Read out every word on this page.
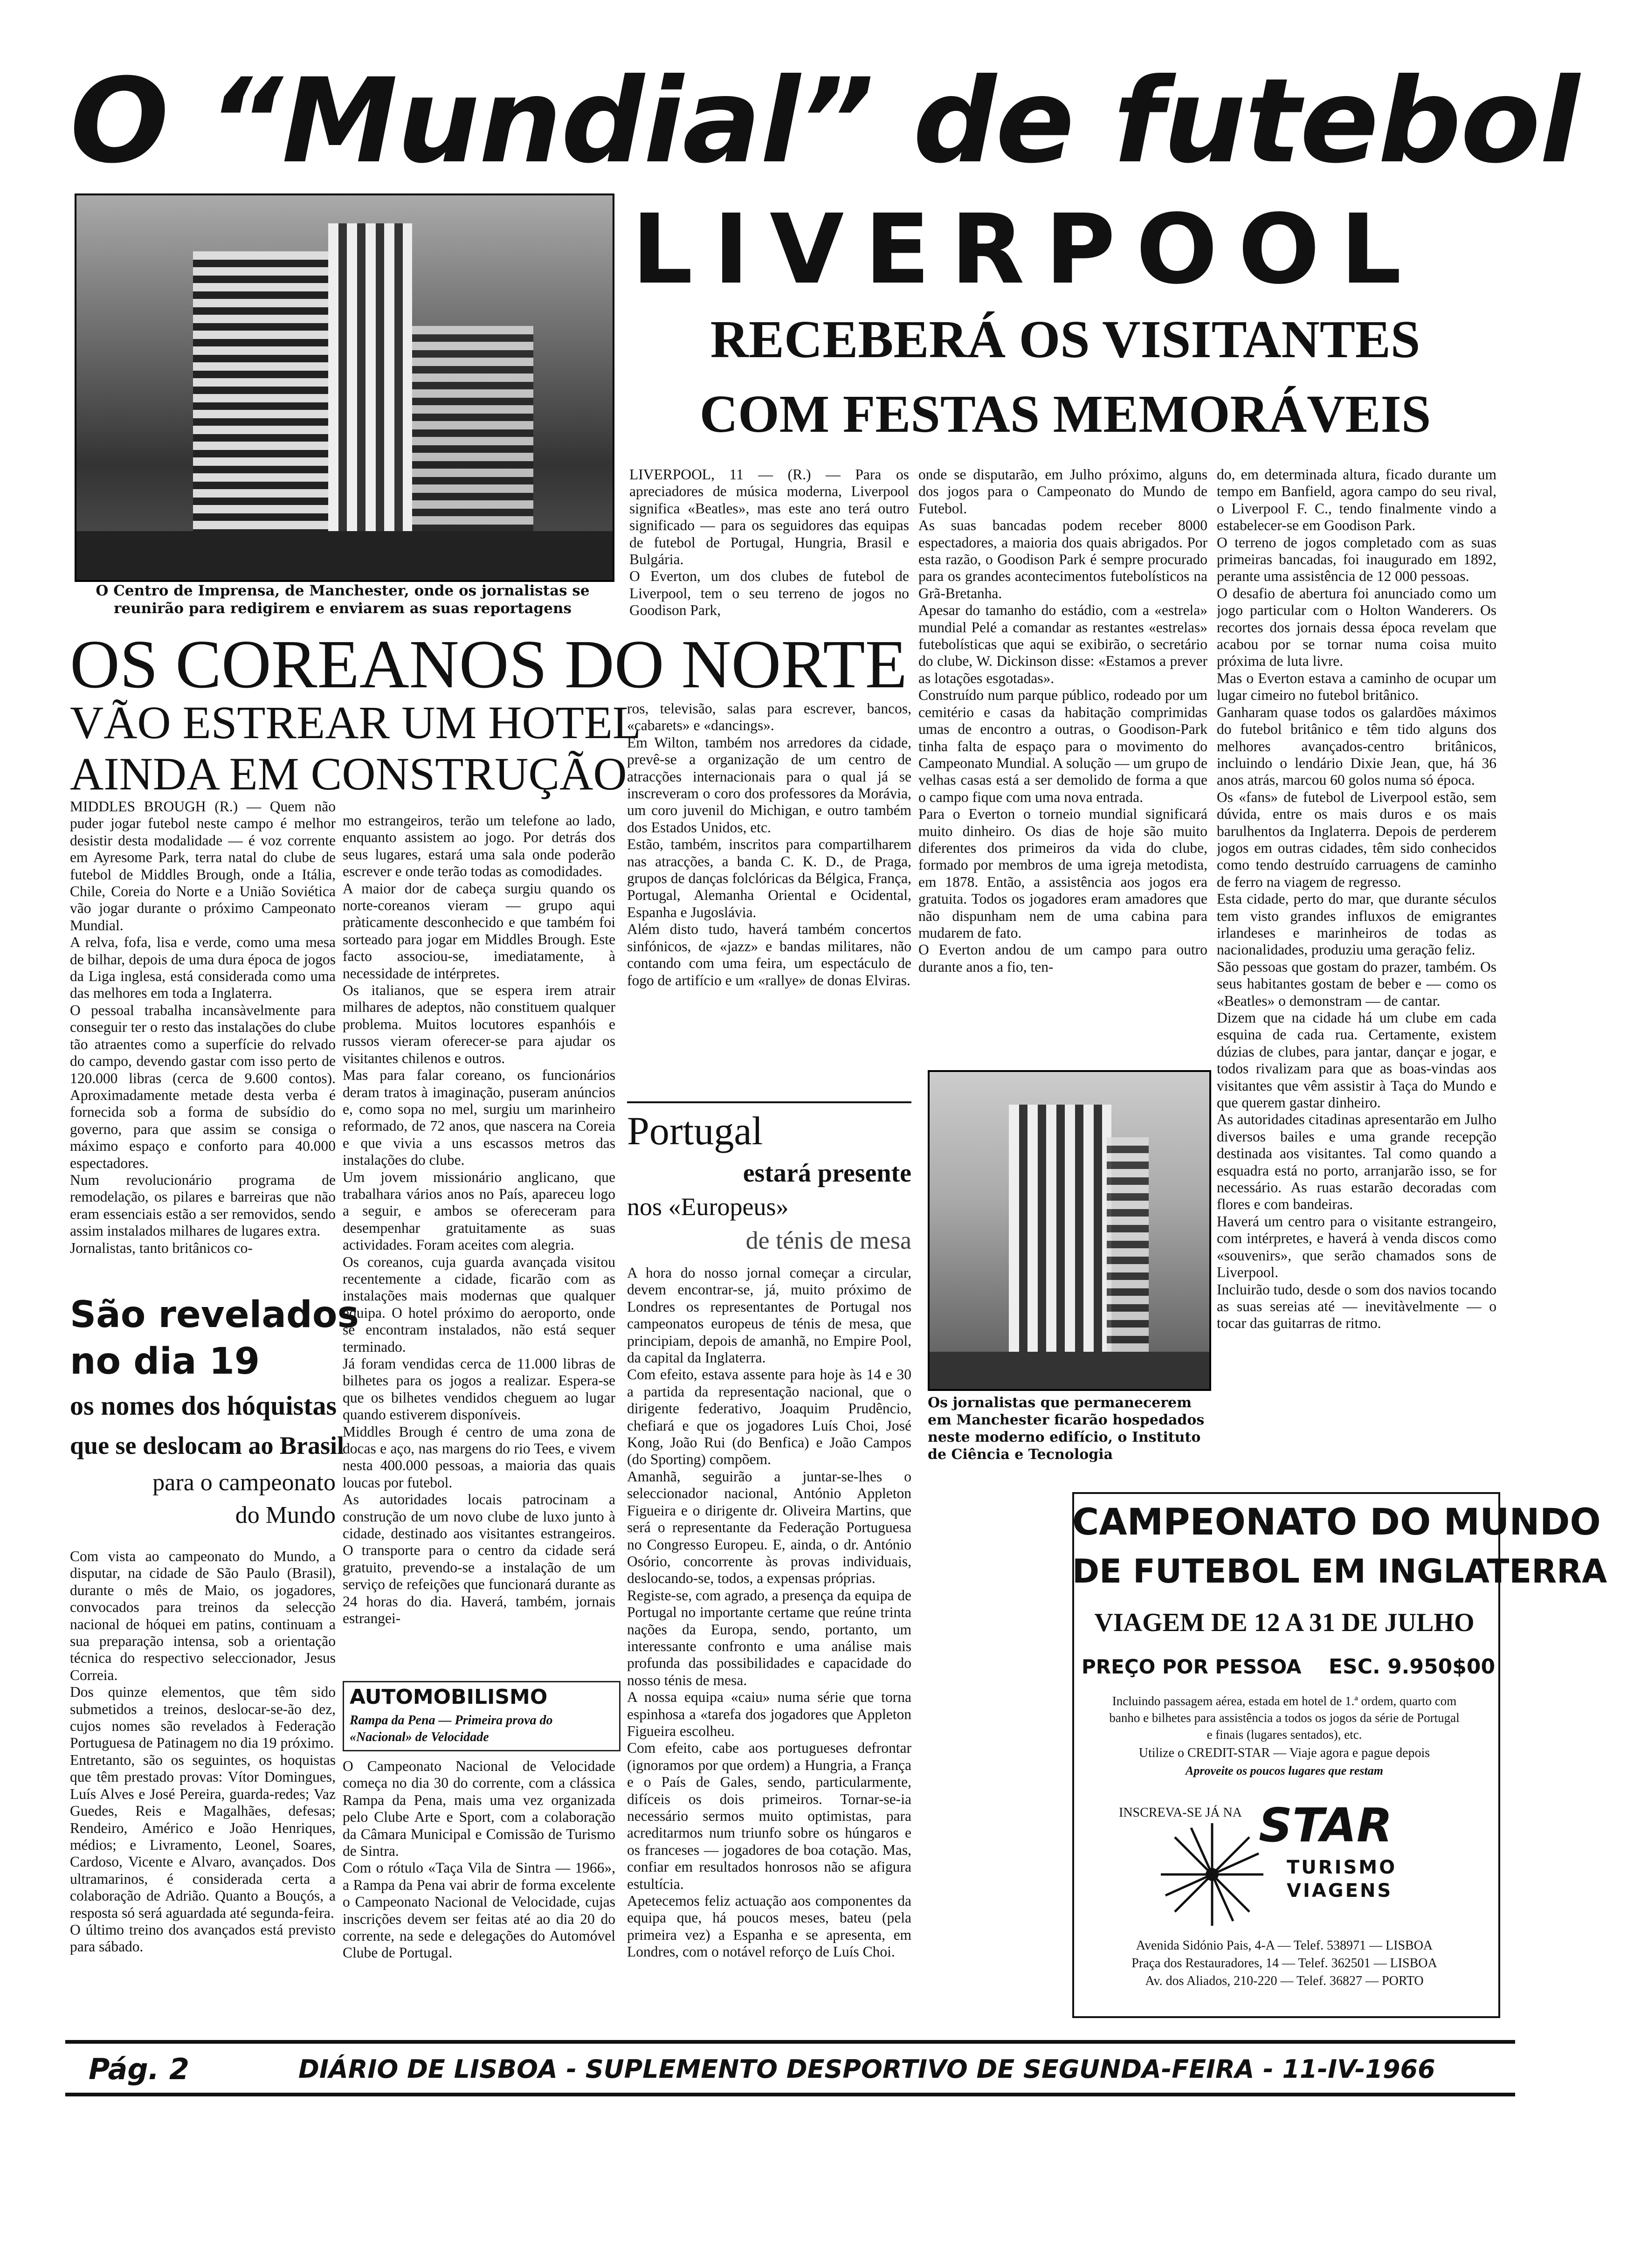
O “Mundial” de futebol
O Centro de Imprensa, de Manchester, onde os jornalistas se reunirão para redigirem e enviarem as suas reportagens
LIVERPOOL
RECEBERÁ OS VISITANTES
COM FESTAS MEMORÁVEIS
LIVERPOOL, 11 — (R.) — Para os apreciadores de música moderna, Liverpool significa «Beatles», mas este ano terá outro significado — para os seguidores das equipas de futebol de Portugal, Hungria, Brasil e Bulgária.
O Everton, um dos clubes de futebol de Liverpool, tem o seu terreno de jogos no Goodison Park,
onde se disputarão, em Julho próximo, alguns dos jogos para o Campeonato do Mundo de Futebol.
As suas bancadas podem receber 8000 espectadores, a maioria dos quais abrigados. Por esta razão, o Goodison Park é sempre procurado para os grandes acontecimentos futebolísticos na Grã-Bretanha.
Apesar do tamanho do estádio, com a «estrela» mundial Pelé a comandar as restantes «estrelas» futebolísticas que aqui se exibirão, o secretário do clube, W. Dickinson disse: «Estamos a prever as lotações esgotadas».
Construído num parque público, rodeado por um cemitério e casas da habitação comprimidas umas de encontro a outras, o Goodison-Park tinha falta de espaço para o movimento do Campeonato Mundial. A solução — um grupo de velhas casas está a ser demolido de forma a que o campo fique com uma nova entrada.
Para o Everton o torneio mundial significará muito dinheiro. Os dias de hoje são muito diferentes dos primeiros da vida do clube, formado por membros de uma igreja metodista, em 1878. Então, a assistência aos jogos era gratuita. Todos os jogadores eram amadores que não dispunham nem de uma cabina para mudarem de fato.
O Everton andou de um campo para outro durante anos a fio, ten-
do, em determinada altura, ficado durante um tempo em Banfield, agora campo do seu rival, o Liverpool F. C., tendo finalmente vindo a estabelecer-se em Goodison Park.
O terreno de jogos completado com as suas primeiras bancadas, foi inaugurado em 1892, perante uma assistência de 12 000 pessoas.
O desafio de abertura foi anunciado como um jogo particular com o Holton Wanderers. Os recortes dos jornais dessa época revelam que acabou por se tornar numa coisa muito próxima de luta livre.
Mas o Everton estava a caminho de ocupar um lugar cimeiro no futebol britânico.
Ganharam quase todos os galardões máximos do futebol britânico e têm tido alguns dos melhores avançados-centro britânicos, incluindo o lendário Dixie Jean, que, há 36 anos atrás, marcou 60 golos numa só época.
Os «fans» de futebol de Liverpool estão, sem dúvida, entre os mais duros e os mais barulhentos da Inglaterra. Depois de perderem jogos em outras cidades, têm sido conhecidos como tendo destruído carruagens de caminho de ferro na viagem de regresso.
Esta cidade, perto do mar, que durante séculos tem visto grandes influxos de emigrantes irlandeses e marinheiros de todas as nacionalidades, produziu uma geração feliz.
São pessoas que gostam do prazer, também. Os seus habitantes gostam de beber e — como os «Beatles» o demonstram — de cantar.
Dizem que na cidade há um clube em cada esquina de cada rua. Certamente, existem dúzias de clubes, para jantar, dançar e jogar, e todos rivalizam para que as boas-vindas aos visitantes que vêm assistir à Taça do Mundo e que querem gastar dinheiro.
As autoridades citadinas apresentarão em Julho diversos bailes e uma grande recepção destinada aos visitantes. Tal como quando a esquadra está no porto, arranjarão isso, se for necessário. As ruas estarão decoradas com flores e com bandeiras.
Haverá um centro para o visitante estrangeiro, com intérpretes, e haverá à venda discos como «souvenirs», que serão chamados sons de Liverpool.
Incluirão tudo, desde o som dos navios tocando as suas sereias até — inevitàvelmente — o tocar das guitarras de ritmo.
OS COREANOS DO NORTE
VÃO ESTREAR UM HOTEL
AINDA EM CONSTRUÇÃO
MIDDLES BROUGH (R.) — Quem não puder jogar futebol neste campo é melhor desistir desta modalidade — é voz corrente em Ayresome Park, terra natal do clube de futebol de Middles Brough, onde a Itália, Chile, Coreia do Norte e a União Soviética vão jogar durante o próximo Campeonato Mundial.
A relva, fofa, lisa e verde, como uma mesa de bilhar, depois de uma dura época de jogos da Liga inglesa, está considerada como uma das melhores em toda a Inglaterra.
O pessoal trabalha incansàvelmente para conseguir ter o resto das instalações do clube tão atraentes como a superfície do relvado do campo, devendo gastar com isso perto de 120.000 libras (cerca de 9.600 contos). Aproximadamente metade desta verba é fornecida sob a forma de subsídio do governo, para que assim se consiga o máximo espaço e conforto para 40.000 espectadores.
Num revolucionário programa de remodelação, os pilares e barreiras que não eram essenciais estão a ser removidos, sendo assim instalados milhares de lugares extra.
Jornalistas, tanto britânicos co-
mo estrangeiros, terão um telefone ao lado, enquanto assistem ao jogo. Por detrás dos seus lugares, estará uma sala onde poderão escrever e onde terão todas as comodidades.
A maior dor de cabeça surgiu quando os norte-coreanos vieram — grupo aqui pràticamente desconhecido e que também foi sorteado para jogar em Middles Brough. Este facto associou-se, imediatamente, à necessidade de intérpretes.
Os italianos, que se espera irem atrair milhares de adeptos, não constituem qualquer problema. Muitos locutores espanhóis e russos vieram oferecer-se para ajudar os visitantes chilenos e outros.
Mas para falar coreano, os funcionários deram tratos à imaginação, puseram anúncios e, como sopa no mel, surgiu um marinheiro reformado, de 72 anos, que nascera na Coreia e que vivia a uns escassos metros das instalações do clube.
Um jovem missionário anglicano, que trabalhara vários anos no País, apareceu logo a seguir, e ambos se ofereceram para desempenhar gratuitamente as suas actividades. Foram aceites com alegria.
Os coreanos, cuja guarda avançada visitou recentemente a cidade, ficarão com as instalações mais modernas que qualquer equipa. O hotel próximo do aeroporto, onde se encontram instalados, não está sequer terminado.
Já foram vendidas cerca de 11.000 libras de bilhetes para os jogos a realizar. Espera-se que os bilhetes vendidos cheguem ao lugar quando estiverem disponíveis.
Middles Brough é centro de uma zona de docas e aço, nas margens do rio Tees, e vivem nesta 400.000 pessoas, a maioria das quais loucas por futebol.
As autoridades locais patrocinam a construção de um novo clube de luxo junto à cidade, destinado aos visitantes estrangeiros. O transporte para o centro da cidade será gratuito, prevendo-se a instalação de um serviço de refeições que funcionará durante as 24 horas do dia. Haverá, também, jornais estrangei-
ros, televisão, salas para escrever, bancos, «cabarets» e «dancings».
Em Wilton, também nos arredores da cidade, prevê-se a organização de um centro de atracções internacionais para o qual já se inscreveram o coro dos professores da Morávia, um coro juvenil do Michigan, e outro também dos Estados Unidos, etc.
Estão, também, inscritos para compartilharem nas atracções, a banda C. K. D., de Praga, grupos de danças folclóricas da Bélgica, França, Portugal, Alemanha Oriental e Ocidental, Espanha e Jugoslávia.
Além disto tudo, haverá também concertos sinfónicos, de «jazz» e bandas militares, não contando com uma feira, um espectáculo de fogo de artifício e um «rallye» de donas Elviras.
Portugal
estará presente
nos «Europeus»
de ténis de mesa
A hora do nosso jornal começar a circular, devem encontrar-se, já, muito próximo de Londres os representantes de Portugal nos campeonatos europeus de ténis de mesa, que principiam, depois de amanhã, no Empire Pool, da capital da Inglaterra.
Com efeito, estava assente para hoje às 14 e 30 a partida da representação nacional, que o dirigente federativo, Joaquim Prudêncio, chefiará e que os jogadores Luís Choi, José Kong, João Rui (do Benfica) e João Campos (do Sporting) compõem.
Amanhã, seguirão a juntar-se-lhes o seleccionador nacional, António Appleton Figueira e o dirigente dr. Oliveira Martins, que será o representante da Federação Portuguesa no Congresso Europeu. E, ainda, o dr. António Osório, concorrente às provas individuais, deslocando-se, todos, a expensas próprias.
Registe-se, com agrado, a presença da equipa de Portugal no importante certame que reúne trinta nações da Europa, sendo, portanto, um interessante confronto e uma análise mais profunda das possibilidades e capacidade do nosso ténis de mesa.
A nossa equipa «caiu» numa série que torna espinhosa a «tarefa dos jogadores que Appleton Figueira escolheu.
Com efeito, cabe aos portugueses defrontar (ignoramos por que ordem) a Hungria, a França e o País de Gales, sendo, particularmente, difíceis os dois primeiros. Tornar-se-ia necessário sermos muito optimistas, para acreditarmos num triunfo sobre os húngaros e os franceses — jogadores de boa cotação. Mas, confiar em resultados honrosos não se afigura estultícia.
Apetecemos feliz actuação aos componentes da equipa que, há poucos meses, bateu (pela primeira vez) a Espanha e se apresenta, em Londres, com o notável reforço de Luís Choi.
Os jornalistas que permanecerem em Manchester ficarão hospedados neste moderno edifício, o Instituto de Ciência e Tecnologia
São revelados
no dia 19
os nomes dos hóquistas
que se deslocam ao Brasil
para o campeonato
do Mundo
Com vista ao campeonato do Mundo, a disputar, na cidade de São Paulo (Brasil), durante o mês de Maio, os jogadores, convocados para treinos da selecção nacional de hóquei em patins, continuam a sua preparação intensa, sob a orientação técnica do respectivo seleccionador, Jesus Correia.
Dos quinze elementos, que têm sido submetidos a treinos, deslocar-se-ão dez, cujos nomes são revelados à Federação Portuguesa de Patinagem no dia 19 próximo.
Entretanto, são os seguintes, os hoquistas que têm prestado provas: Vítor Domingues, Luís Alves e José Pereira, guarda-redes; Vaz Guedes, Reis e Magalhães, defesas; Rendeiro, Américo e João Henriques, médios; e Livramento, Leonel, Soares, Cardoso, Vicente e Alvaro, avançados. Dos ultramarinos, é considerada certa a colaboração de Adrião. Quanto a Bouçós, a resposta só será aguardada até segunda-feira.
O último treino dos avançados está previsto para sábado.
AUTOMOBILISMO
Rampa da Pena — Primeira prova do «Nacional» de Velocidade
O Campeonato Nacional de Velocidade começa no dia 30 do corrente, com a clássica Rampa da Pena, mais uma vez organizada pelo Clube Arte e Sport, com a colaboração da Câmara Municipal e Comissão de Turismo de Sintra.
Com o rótulo «Taça Vila de Sintra — 1966», a Rampa da Pena vai abrir de forma excelente o Campeonato Nacional de Velocidade, cujas inscrições devem ser feitas até ao dia 20 do corrente, na sede e delegações do Automóvel Clube de Portugal.
CAMPEONATO DO MUNDO
DE FUTEBOL EM INGLATERRA
VIAGEM DE 12 A 31 DE JULHO
PREÇO POR PESSOA	ESC. 9.950$00
Incluindo passagem aérea, estada em hotel de 1.ª ordem, quarto com
banho e bilhetes para assistência a todos os jogos da série de Portugal
e finais (lugares sentados), etc.
Utilize o CREDIT-STAR — Viaje agora e pague depois
Aproveite os poucos lugares que restam
INSCREVA-SE JÁ NA STAR
TURISMO
VIAGENS
Avenida Sidónio Pais, 4-A — Telef. 538971 — LISBOA
Praça dos Restauradores, 14 — Telef. 362501 — LISBOA
Av. dos Aliados, 210-220 — Telef. 36827 — PORTO
Pág. 2	DIÁRIO DE LISBOA - SUPLEMENTO DESPORTIVO DE SEGUNDA-FEIRA - 11-IV-1966
